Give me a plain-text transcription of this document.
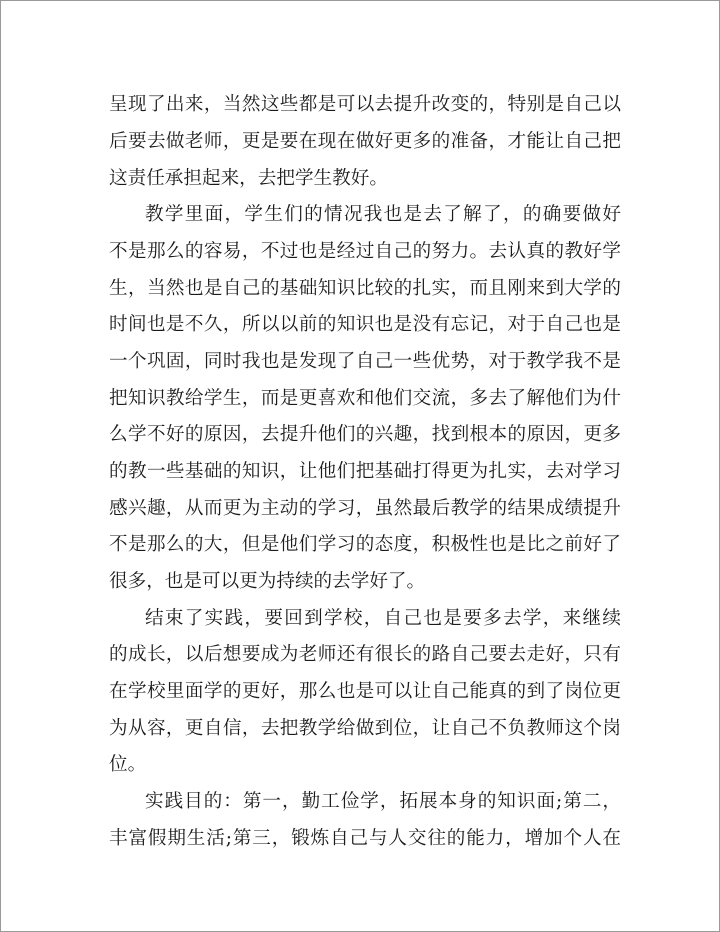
呈现了出来，当然这些都是可以去提升改变的，特别是自己以
后要去做老师，更是要在现在做好更多的准备，才能让自己把
这责任承担起来，去把学生教好。
教学里面，学生们的情况我也是去了解了，的确要做好
不是那么的容易，不过也是经过自己的努力。去认真的教好学
生，当然也是自己的基础知识比较的扎实，而且刚来到大学的
时间也是不久，所以以前的知识也是没有忘记，对于自己也是
一个巩固，同时我也是发现了自己一些优势，对于教学我不是
把知识教给学生，而是更喜欢和他们交流，多去了解他们为什
么学不好的原因，去提升他们的兴趣，找到根本的原因，更多
的教一些基础的知识，让他们把基础打得更为扎实，去对学习
感兴趣，从而更为主动的学习，虽然最后教学的结果成绩提升
不是那么的大，但是他们学习的态度，积极性也是比之前好了
很多，也是可以更为持续的去学好了。
结束了实践，要回到学校，自己也是要多去学，来继续
的成长，以后想要成为老师还有很长的路自己要去走好，只有
在学校里面学的更好，那么也是可以让自己能真的到了岗位更
为从容，更自信，去把教学给做到位，让自己不负教师这个岗
位。
实践目的：第一，勤工俭学，拓展本身的知识面;第二，
丰富假期生活;第三，锻炼自己与人交往的能力，增加个人在
